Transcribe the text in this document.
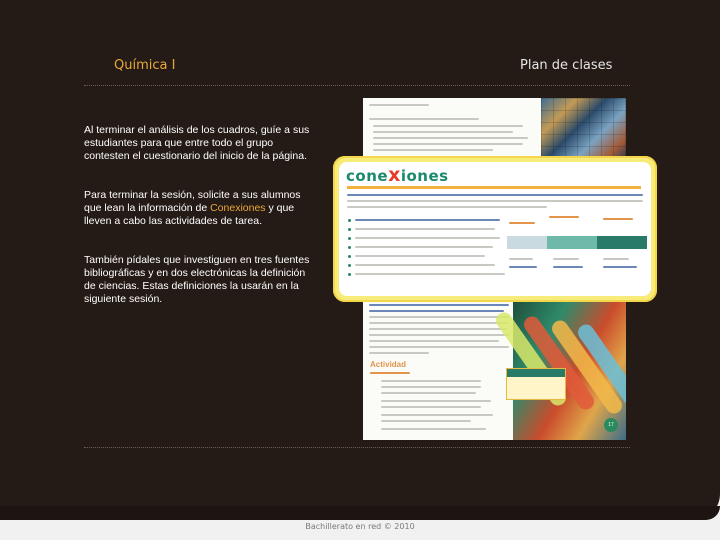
Química I	Plan de clases
Al terminar el análisis de los cuadros, guíe a sus estudiantes para que entre todo el grupo contesten el cuestionario del inicio de la página.
Para terminar la sesión, solicite a sus alumnos que lean la información de Conexiones y que lleven a cabo las actividades de tarea.
También pídales que investiguen en tres fuentes bibliográficas y en dos electrónicas la definición de ciencias. Estas definiciones la usarán en la siguiente sesión.
Actividad
17
conexiones
Bachillerato en red © 2010
